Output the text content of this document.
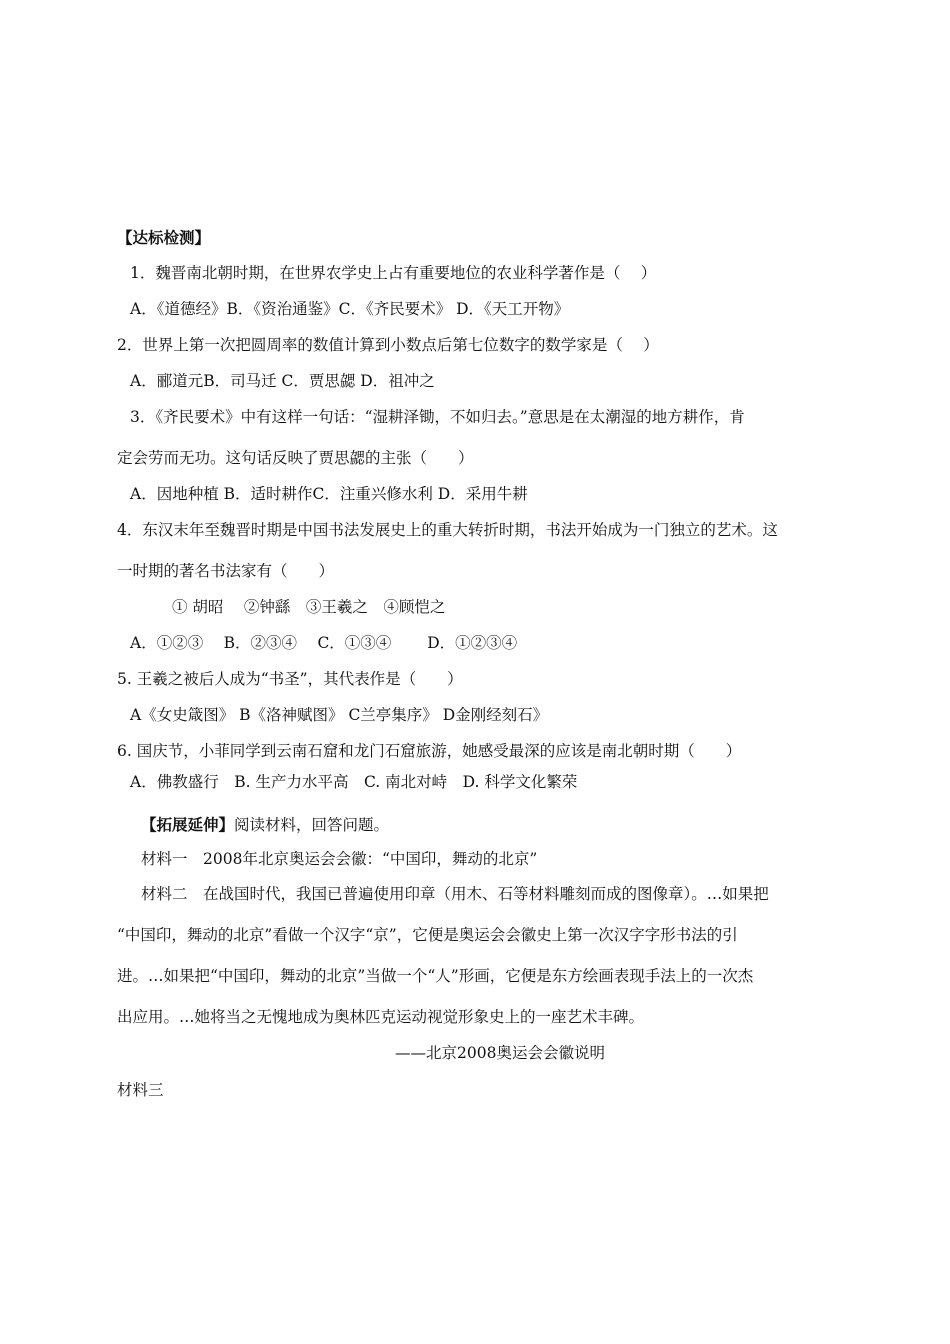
【达标检测】
1．魏晋南北朝时期，在世界农学史上占有重要地位的农业科学著作是（　 ）
A．《道德经》B．《资治通鉴》C．《齐民要术》 D．《天工开物》
2．世界上第一次把圆周率的数值计算到小数点后第七位数字的数学家是（　 ）
A．郦道元B．司马迁 C．贾思勰 D．祖冲之
3．《齐民要术》中有这样一句话：“湿耕泽锄，不如归去。”意思是在太潮湿的地方耕作，肯
定会劳而无功。这句话反映了贾思勰的主张（　　）
A．因地种植 B．适时耕作C．注重兴修水利 D．采用牛耕
4．东汉末年至魏晋时期是中国书法发展史上的重大转折时期，书法开始成为一门独立的艺术。这
一时期的著名书法家有（　　）
① 胡昭　 ②钟繇　③王羲之　④顾恺之
A．①②③　 B．②③④　 C．①③④　　 D．①②③④
5. 王羲之被后人成为“书圣”，其代表作是（　　）
A《女史箴图》 B《洛神赋图》 C兰亭集序》 D金刚经刻石》
6. 国庆节，小菲同学到云南石窟和龙门石窟旅游，她感受最深的应该是南北朝时期（　　）
A．佛教盛行　B. 生产力水平高　C. 南北对峙　D. 科学文化繁荣
【拓展延伸】阅读材料，回答问题。
材料一　2008年北京奥运会会徽：“中国印，舞动的北京”
材料二　在战国时代，我国已普遍使用印章（用木、石等材料雕刻而成的图像章）。…如果把
“中国印，舞动的北京”看做一个汉字“京”，它便是奥运会会徽史上第一次汉字字形书法的引
进。…如果把“中国印，舞动的北京”当做一个“人”形画，它便是东方绘画表现手法上的一次杰
出应用。…她将当之无愧地成为奥林匹克运动视觉形象史上的一座艺术丰碑。
——北京2008奥运会会徽说明
材料三
